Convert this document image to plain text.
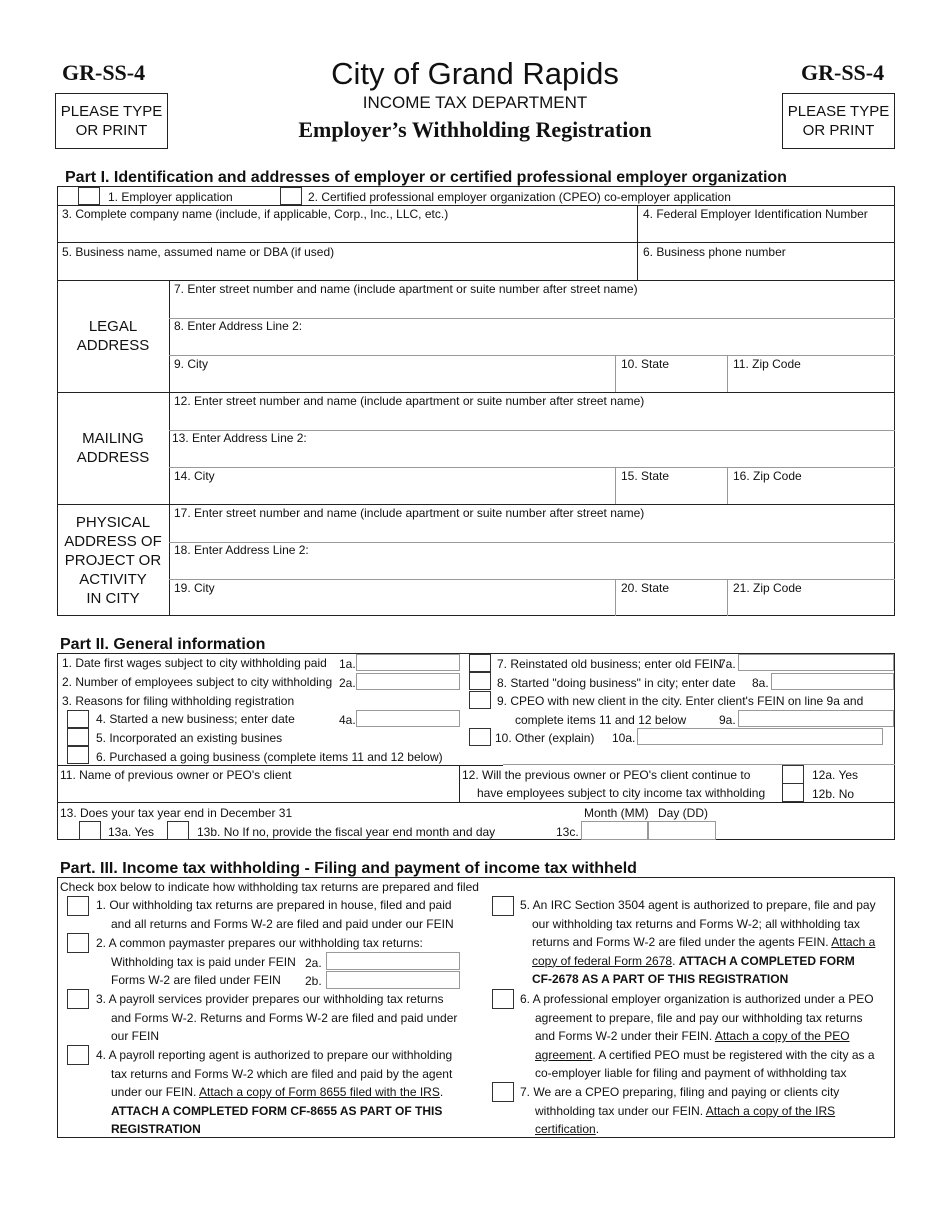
GR-SS-4
PLEASE TYPE
OR PRINT
City of Grand Rapids
INCOME TAX DEPARTMENT
Employer’s Withholding Registration
GR-SS-4
PLEASE TYPE
OR PRINT
Part I. Identification and addresses of employer or certified professional employer organization
1. Employer application	2. Certified professional employer organization (CPEO) co-employer application
3. Complete company name (include, if applicable, Corp., Inc., LLC, etc.)	4. Federal Employer Identification Number
5. Business name, assumed name or DBA (if used)	6. Business phone number
LEGAL
ADDRESS
7. Enter street number and name (include apartment or suite number after street name)
8. Enter Address Line 2:
9. City	10. State	11. Zip Code
MAILING
ADDRESS
12. Enter street number and name (include apartment or suite number after street name)
13. Enter Address Line 2:
14. City	15. State	16. Zip Code
PHYSICAL
ADDRESS OF
PROJECT OR
ACTIVITY
IN CITY
17. Enter street number and name (include apartment or suite number after street name)
18. Enter Address Line 2:
19. City	20. State	21. Zip Code
Part II. General information
1. Date first wages subject to city withholding paid 1a.
2. Number of employees subject to city withholding 2a.
3. Reasons for filing withholding registration
4. Started a new business; enter date	4a.
5. Incorporated an existing busines
6. Purchased a going business (complete items 11 and 12 below)
7. Reinstated old business; enter old FEIN
7a.
8. Started "doing business" in city; enter date 8a.
9. CPEO with new client in the city. Enter client's FEIN on line 9a and
complete items 11 and 12 below	9a.
10. Other (explain) 10a.
11. Name of previous owner or PEO's client	12. Will the previous owner or PEO's client continue to
have employees subject to city income tax withholding
12a. Yes
12b. No
13. Does your tax year end in December 31	Month (MM) Day (DD)
13a. Yes	13b. No If no, provide the fiscal year end month and day	13c.
Part. III. Income tax withholding - Filing and payment of income tax withheld
Check box below to indicate how withholding tax returns are prepared and filed
1. Our withholding tax returns are prepared in house, filed and paid
and all returns and Forms W-2 are filed and paid under our FEIN
2. A common paymaster prepares our withholding tax returns:
Withholding tax is paid under FEIN
Forms W-2 are filed under FEIN
2a.
2b.
3. A payroll services provider prepares our withholding tax returns
and Forms W-2. Returns and Forms W-2 are filed and paid under
our FEIN
4. A payroll reporting agent is authorized to prepare our withholding
tax returns and Forms W-2 which are filed and paid by the agent
under our FEIN. Attach a copy of Form 8655 filed with the IRS.
ATTACH A COMPLETED FORM CF-8655 AS PART OF THIS
REGISTRATION
5. An IRC Section 3504 agent is authorized to prepare, file and pay
our withholding tax returns and Forms W-2; all withholding tax
returns and Forms W-2 are filed under the agents FEIN. Attach a
copy of federal Form 2678. ATTACH A COMPLETED FORM
CF-2678 AS A PART OF THIS REGISTRATION
6. A professional employer organization is authorized under a PEO
agreement to prepare, file and pay our withholding tax returns
and Forms W-2 under their FEIN. Attach a copy of the PEO
agreement. A certified PEO must be registered with the city as a
co-employer liable for filing and payment of withholding tax
7. We are a CPEO preparing, filing and paying or clients city
withholding tax under our FEIN. Attach a copy of the IRS
certification.
